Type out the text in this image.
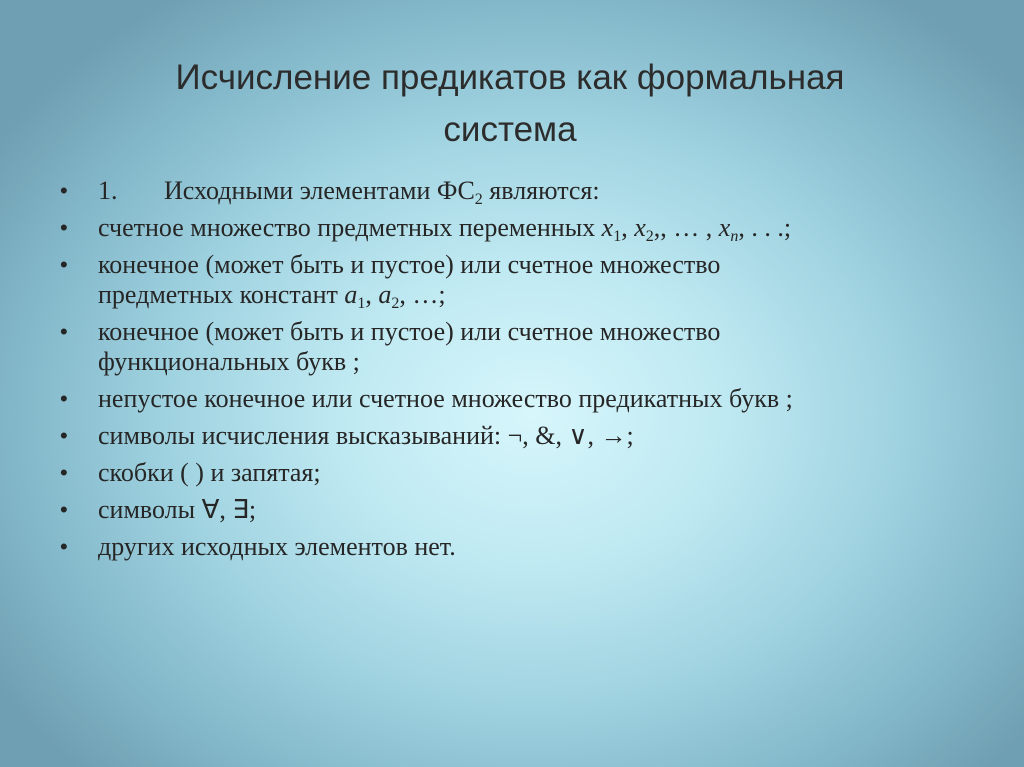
Исчисление предикатов как формальная
система
• 1. Исходными элементами $ФС_2$ являются:
• счетное множество предметных переменных $x_1$, $x_2$,, … , $x_n$, . . .;
• конечное (может быть и пустое) или счетное множество
предметных констант $a_1$, $a_2$, …;
• конечное (может быть и пустое) или счетное множество
функциональных букв ;
• непустое конечное или счетное множество предикатных букв ;
• символы исчисления высказываний: ¬, &, ∨, →;
• скобки ( ) и запятая;
• символы ∀, ∃;
• других исходных элементов нет.
